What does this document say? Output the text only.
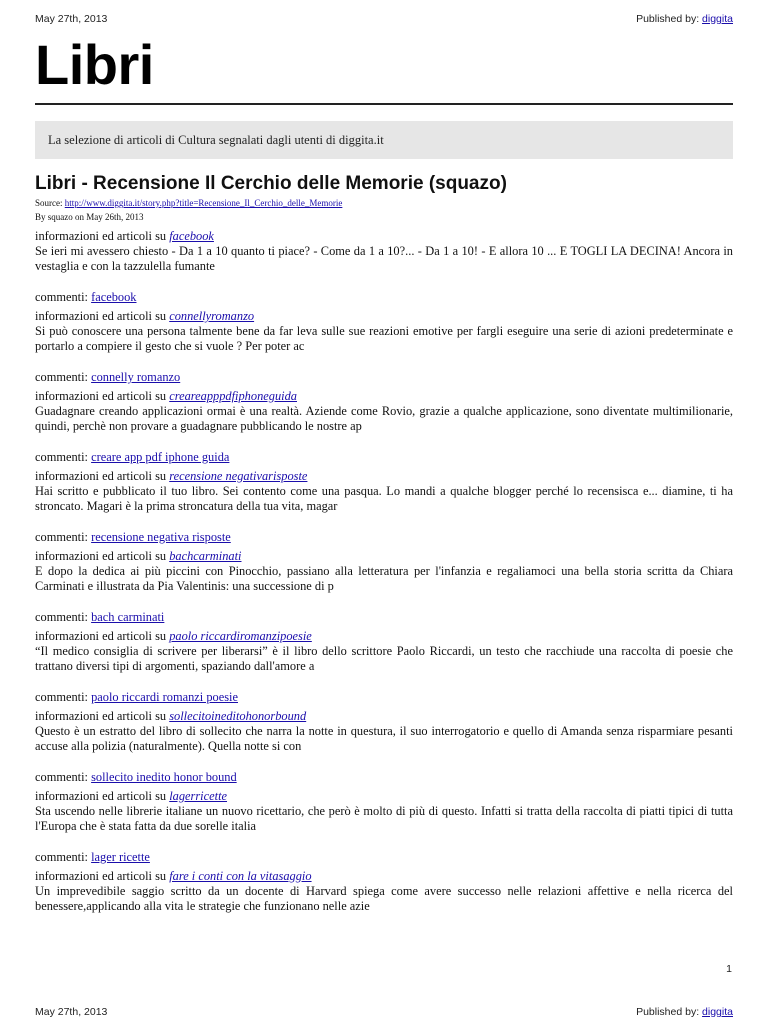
May 27th, 2013	Published by: diggita
Libri
La selezione di articoli di Cultura segnalati dagli utenti di diggita.it
Libri - Recensione Il Cerchio delle Memorie (squazo)
Source: http://www.diggita.it/story.php?title=Recensione_Il_Cerchio_delle_Memorie
By squazo on May 26th, 2013

informazioni ed articoli su facebook

Se ieri mi avessero chiesto - Da 1 a 10 quanto ti piace? - Come da 1 a 10?... - Da 1 a 10! - E allora 10 ... E TOGLI LA DECINA! Ancora in vestaglia e con la tazzulella fumante

commenti: facebook

informazioni ed articoli su connellyromanzo

Si può conoscere una persona talmente bene da far leva sulle sue reazioni emotive per fargli eseguire una serie di azioni predeterminate e portarlo a compiere il gesto che si vuole ? Per poter ac

commenti: connelly romanzo

informazioni ed articoli su creareapppdfiphoneguida

Guadagnare creando applicazioni ormai è una realtà. Aziende come Rovio, grazie a qualche applicazione, sono diventate multimilionarie, quindi, perchè non provare a guadagnare pubblicando le nostre ap

commenti: creare app pdf iphone guida

informazioni ed articoli su recensione negativarisposte

Hai scritto e pubblicato il tuo libro. Sei contento come una pasqua. Lo mandi a qualche blogger perché lo recensisca e... diamine, ti ha stroncato. Magari è la prima stroncatura della tua vita, magar

commenti: recensione negativa risposte

informazioni ed articoli su bachcarminati

E dopo la dedica ai più piccini con Pinocchio, passiano alla letteratura per l'infanzia e regaliamoci una bella storia scritta da Chiara Carminati e illustrata da Pia Valentinis: una successione di p

commenti: bach carminati

informazioni ed articoli su paolo riccardiromanzipoesie

“Il medico consiglia di scrivere per liberarsi” è il libro dello scrittore Paolo Riccardi, un testo che racchiude una raccolta di poesie che trattano diversi tipi di argomenti, spaziando dall'amore a

commenti: paolo riccardi romanzi poesie

informazioni ed articoli su sollecitoineditohonorbound

Questo è un estratto del libro di sollecito che narra la notte in questura, il suo interrogatorio e quello di Amanda senza risparmiare pesanti accuse alla polizia (naturalmente). Quella notte si con

commenti: sollecito inedito honor bound

informazioni ed articoli su lagerricette

Sta uscendo nelle librerie italiane un nuovo ricettario, che però è molto di più di questo. Infatti si tratta della raccolta di piatti tipici di tutta l'Europa che è stata fatta da due sorelle italia

commenti: lager ricette

informazioni ed articoli su fare i conti con la vitasaggio

Un imprevedibile saggio scritto da un docente di Harvard spiega come avere successo nelle relazioni affettive e nella ricerca del benessere,applicando alla vita le strategie che funzionano nelle azie

1
May 27th, 2013	Published by: diggita
